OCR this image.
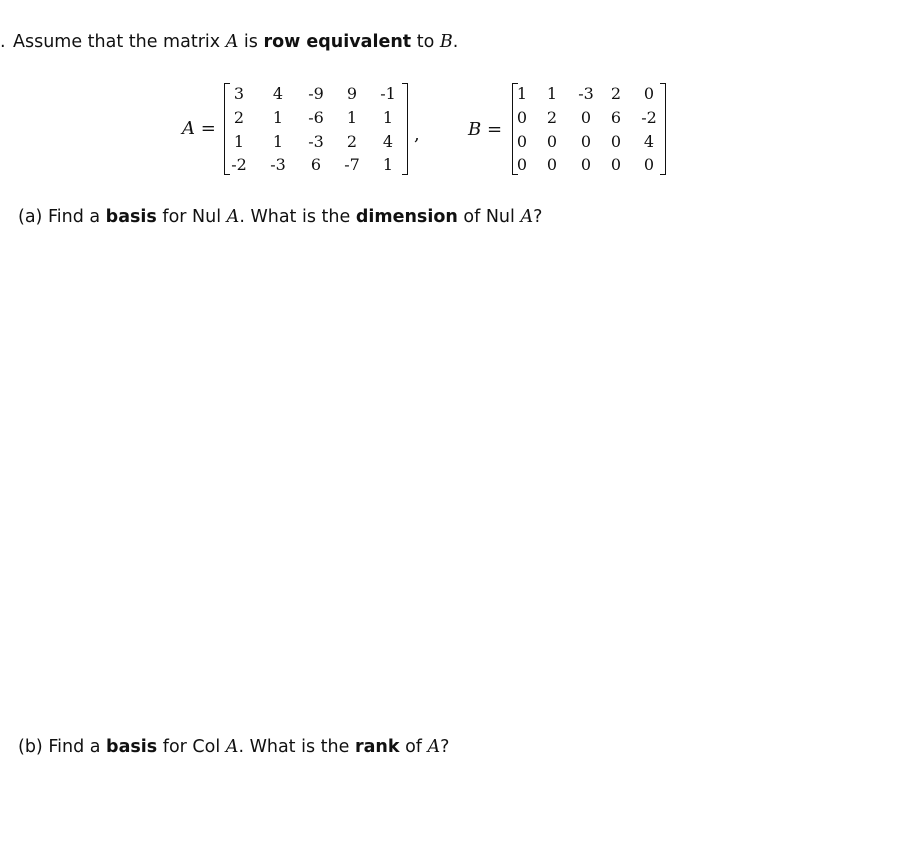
. Assume that the matrix A is row equivalent to B.
A =
3 4 -9 9 -1
2 1 -6 1 1
1 1 -3 2 4
-2 -3 6 -7 1
,	B =
1 1 -3 2 0
0 2 0 6 -2
0 0 0 0 4
0 0 0 0 0
(a) Find a basis for Nul A. What is the dimension of Nul A?
(b) Find a basis for Col A. What is the rank of A?
